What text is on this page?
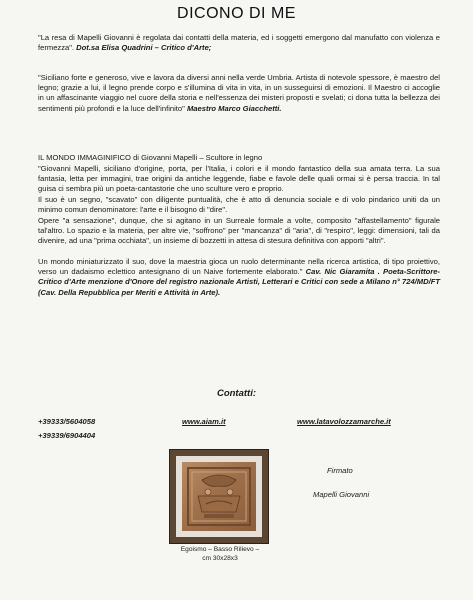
DICONO DI ME

"La resa di Mapelli Giovanni è regolata dai contatti della materia, ed i soggetti emergono dal manufatto con violenza e fermezza". Dot.sa Elisa Quadrini – Critico d'Arte;

"Siciliano forte e generoso, vive e lavora da diversi anni nella verde Umbria. Artista di notevole spessore, è maestro del legno; grazie a lui, il legno prende corpo e s'illumina di vita in vita, in un susseguirsi di emozioni. Il Maestro ci accoglie in un affascinante viaggio nel cuore della storia e nell'essenza dei misteri proposti e svelati; ci dona tutta la bellezza dei sentimenti più profondi e la luce dell'infinito" Maestro Marco Giacchetti.

IL MONDO IMMAGINIFICO di Giovanni Mapelli – Scultore in legno

"Giovanni Mapelli, siciliano d'origine, porta, per l'Italia, i colori e il mondo fantastico della sua amata terra. La sua fantasia, letta per immagini, trae origini da antiche leggende, fiabe e favole delle quali ormai si è persa traccia. In tal guisa ci sembra più un poeta-cantastorie che uno sculture vero e proprio.

Il suo è un segno, "scavato" con diligente puntualità, che è atto di denuncia sociale e di volo pindarico uniti da un minimo comun denominatore: l'arte e il bisogno di "dire".

Opere "a sensazione", dunque, che si agitano in un Surreale formale a volte, composito "affastellamento" figurale tal'altro. Lo spazio e la materia, per altre vie, "soffrono" per "mancanza" di "aria", di "respiro", leggi: dimensioni, tali da divenire, ad una "prima occhiata", un insieme di bozzetti in attesa di stesura definitiva con apporti "altri".

Un mondo miniaturizzato il suo, dove la maestria gioca un ruolo determinante nella ricerca artistica, di tipo proiettivo, verso un dadaismo eclettico antesignano di un Naive fortemente elaborato." Cav. Nic Giaramita . Poeta-Scrittore-Critico d'Arte menzione d'Onore del registro nazionale Artisti, Letterari e Critici con sede a Milano n° 724/MD/FT (Cav. Della Repubblica per Meriti e Attività in Arte).

Contatti:
+39333/5604058
+39339/6904404
www.aiam.it	www.latavolozzamarche.it
Egoismo – Basso Rilievo –
cm 30x28x3
Firmato
Mapelli Giovanni
